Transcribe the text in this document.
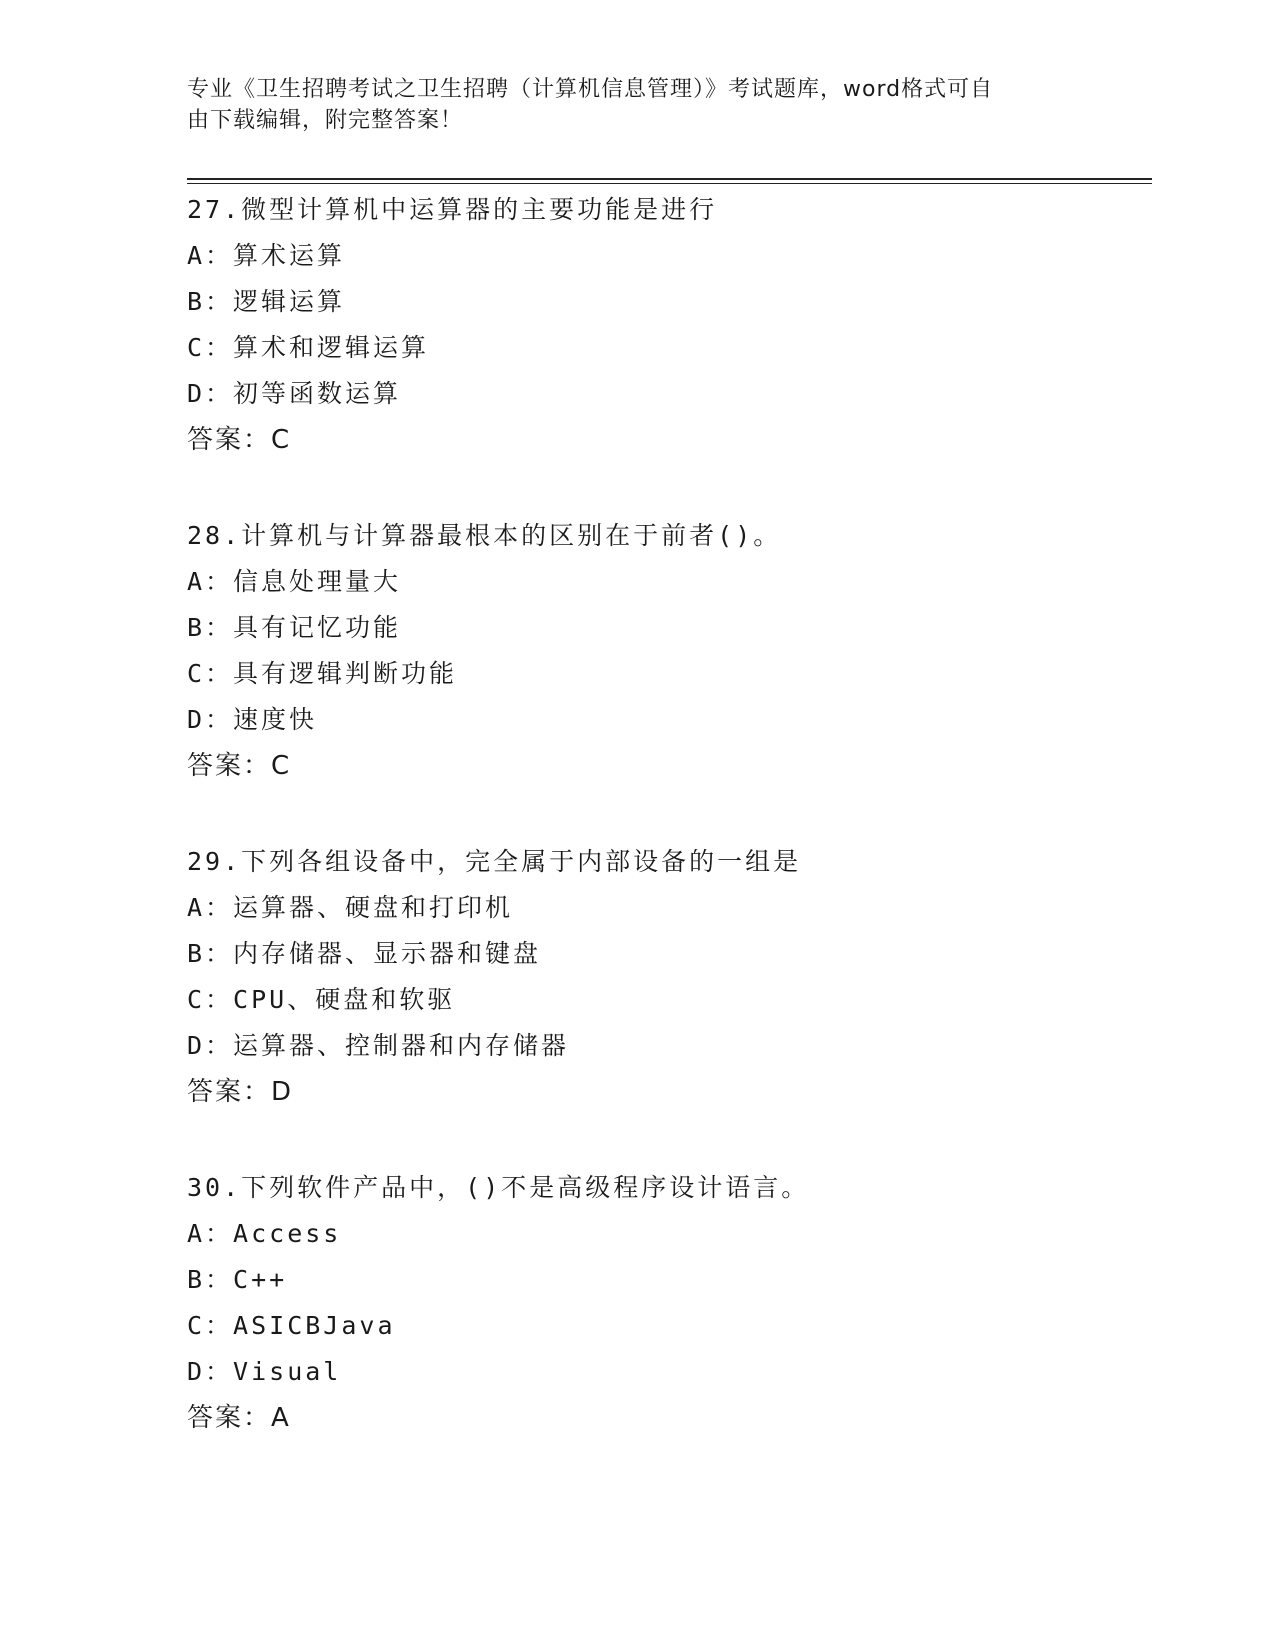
专业《卫生招聘考试之卫生招聘（计算机信息管理）》考试题库，word格式可自
由下载编辑，附完整答案！
27.微型计算机中运算器的主要功能是进行
A：算术运算
B：逻辑运算
C：算术和逻辑运算
D：初等函数运算
答案：C
28.计算机与计算器最根本的区别在于前者()。
A：信息处理量大
B：具有记忆功能
C：具有逻辑判断功能
D：速度快
答案：C
29.下列各组设备中，完全属于内部设备的一组是
A：运算器、硬盘和打印机
B：内存储器、显示器和键盘
C：CPU、硬盘和软驱
D：运算器、控制器和内存储器
答案：D
30.下列软件产品中，()不是高级程序设计语言。
A：Access
B：C++
C：ASICBJava
D：Visual
答案：A
